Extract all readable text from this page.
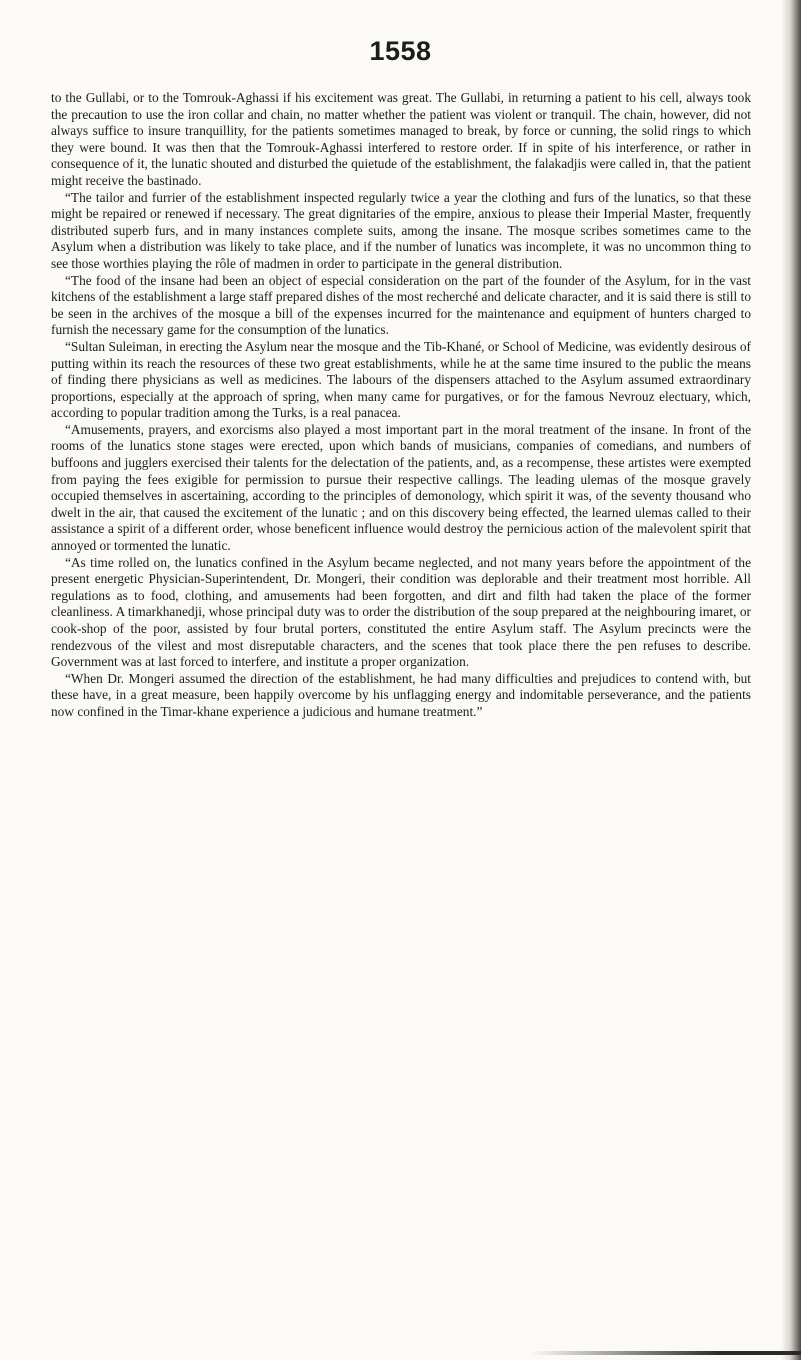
1558

to the Gullabi, or to the Tomrouk-Aghassi if his excitement was great. The Gullabi, in returning a patient to his cell, always took the precaution to use the iron collar and chain, no matter whether the patient was violent or tranquil. The chain, however, did not always suffice to insure tranquillity, for the patients sometimes managed to break, by force or cunning, the solid rings to which they were bound. It was then that the Tomrouk-Aghassi interfered to restore order. If in spite of his interference, or rather in consequence of it, the lunatic shouted and disturbed the quietude of the establishment, the falakadjis were called in, that the patient might receive the bastinado.

“The tailor and furrier of the establishment inspected regularly twice a year the clothing and furs of the lunatics, so that these might be repaired or renewed if necessary. The great dignitaries of the empire, anxious to please their Imperial Master, frequently distributed superb furs, and in many instances complete suits, among the insane. The mosque scribes sometimes came to the Asylum when a distribution was likely to take place, and if the number of lunatics was incomplete, it was no uncommon thing to see those worthies playing the rôle of madmen in order to participate in the general distribution.

“The food of the insane had been an object of especial consideration on the part of the founder of the Asylum, for in the vast kitchens of the establishment a large staff prepared dishes of the most recherché and delicate character, and it is said there is still to be seen in the archives of the mosque a bill of the expenses incurred for the maintenance and equipment of hunters charged to furnish the necessary game for the consumption of the lunatics.

“Sultan Suleiman, in erecting the Asylum near the mosque and the Tib-Khané, or School of Medicine, was evidently desirous of putting within its reach the resources of these two great establishments, while he at the same time insured to the public the means of finding there physicians as well as medicines. The labours of the dispensers attached to the Asylum assumed extraordinary proportions, especially at the approach of spring, when many came for purgatives, or for the famous Nevrouz electuary, which, according to popular tradition among the Turks, is a real panacea.

“Amusements, prayers, and exorcisms also played a most important part in the moral treatment of the insane. In front of the rooms of the lunatics stone stages were erected, upon which bands of musicians, companies of comedians, and numbers of buffoons and jugglers exercised their talents for the delectation of the patients, and, as a recompense, these artistes were exempted from paying the fees exigible for permission to pursue their respective callings. The leading ulemas of the mosque gravely occupied themselves in ascertaining, according to the principles of demonology, which spirit it was, of the seventy thousand who dwelt in the air, that caused the excitement of the lunatic ; and on this discovery being effected, the learned ulemas called to their assistance a spirit of a different order, whose beneficent influence would destroy the pernicious action of the malevolent spirit that annoyed or tormented the lunatic.

“As time rolled on, the lunatics confined in the Asylum became neglected, and not many years before the appointment of the present energetic Physician-Superintendent, Dr. Mongeri, their condition was deplorable and their treatment most horrible. All regulations as to food, clothing, and amusements had been forgotten, and dirt and filth had taken the place of the former cleanliness. A timarkhanedji, whose principal duty was to order the distribution of the soup prepared at the neighbouring imaret, or cook-shop of the poor, assisted by four brutal porters, constituted the entire Asylum staff. The Asylum precincts were the rendezvous of the vilest and most disreputable characters, and the scenes that took place there the pen refuses to describe. Government was at last forced to interfere, and institute a proper organization.

“When Dr. Mongeri assumed the direction of the establishment, he had many difficulties and prejudices to contend with, but these have, in a great measure, been happily overcome by his unflagging energy and indomitable perseverance, and the patients now confined in the Timar-khane experience a judicious and humane treatment.”
